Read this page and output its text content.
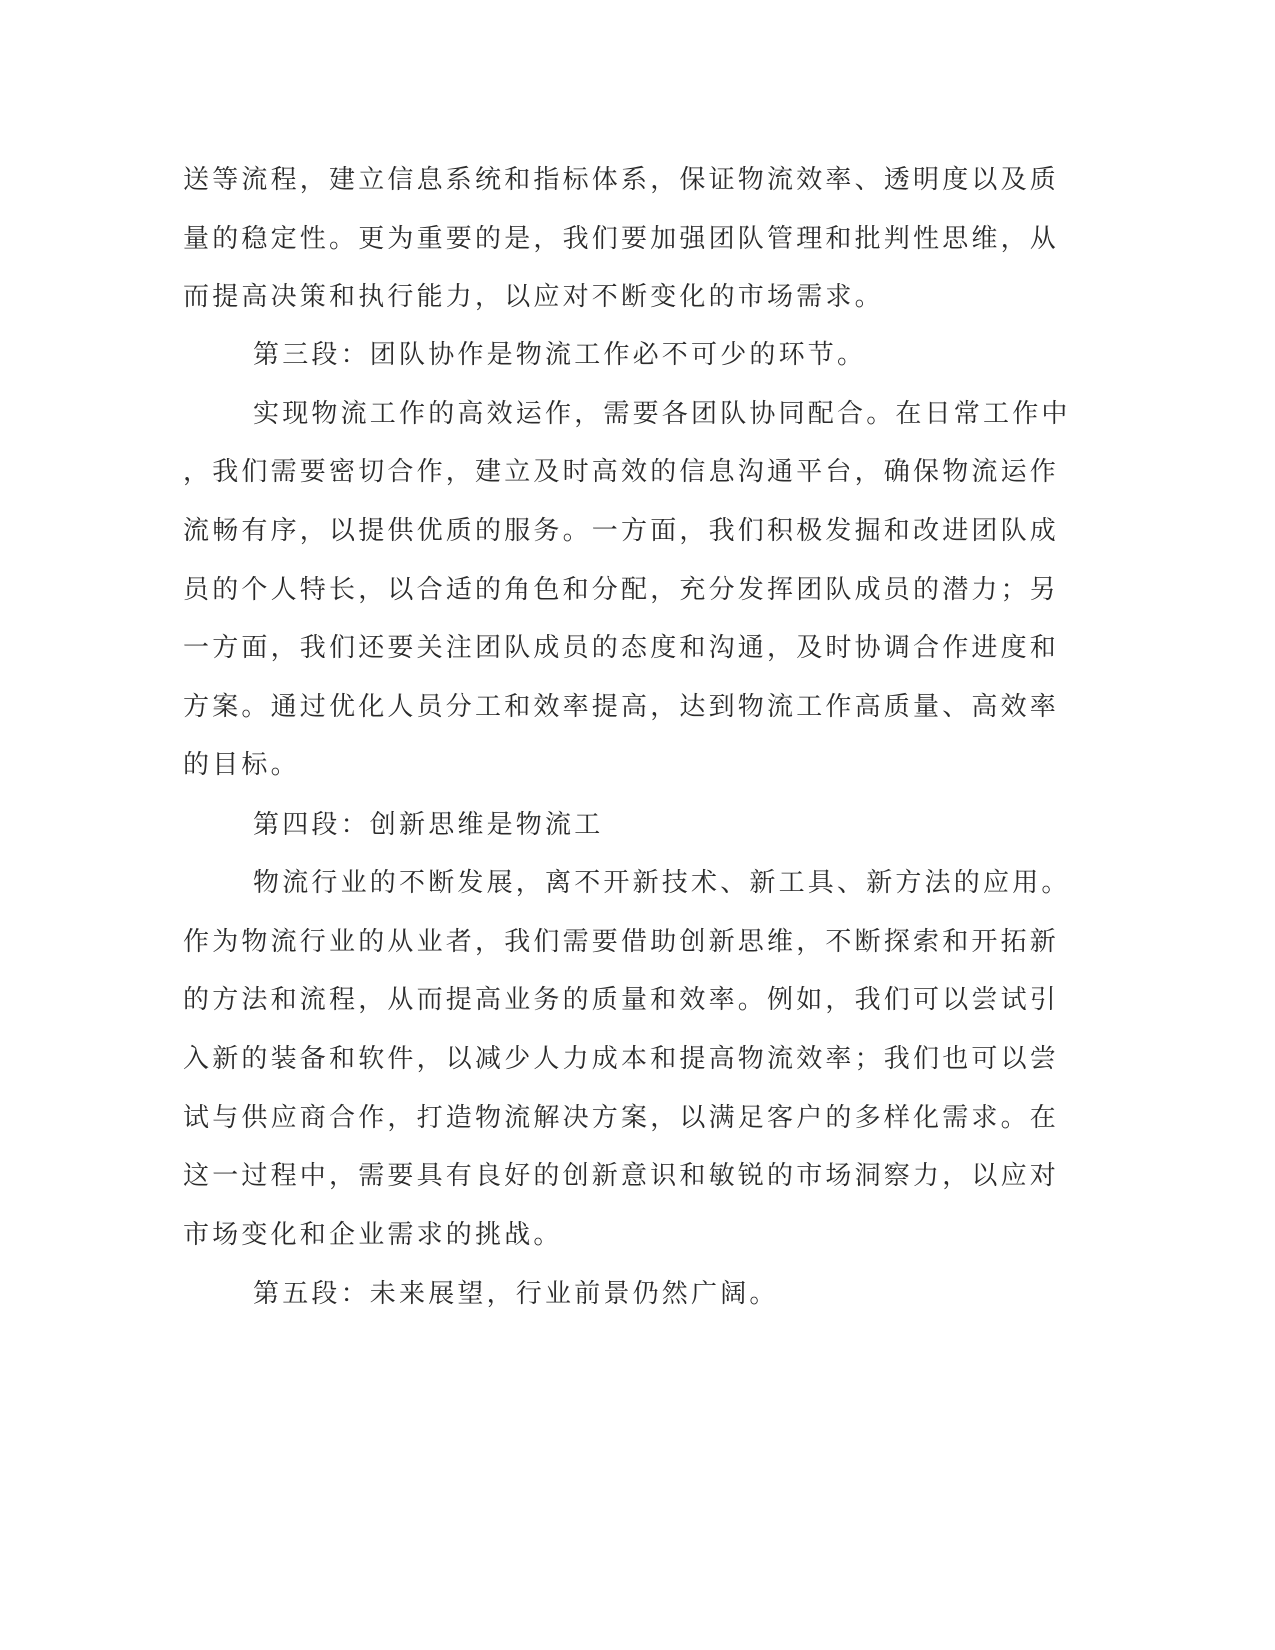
送等流程，建立信息系统和指标体系，保证物流效率、透明度以及质
量的稳定性。更为重要的是，我们要加强团队管理和批判性思维，从
而提高决策和执行能力，以应对不断变化的市场需求。
第三段：团队协作是物流工作必不可少的环节。
实现物流工作的高效运作，需要各团队协同配合。在日常工作中
，我们需要密切合作，建立及时高效的信息沟通平台，确保物流运作
流畅有序，以提供优质的服务。一方面，我们积极发掘和改进团队成
员的个人特长，以合适的角色和分配，充分发挥团队成员的潜力；另
一方面，我们还要关注团队成员的态度和沟通，及时协调合作进度和
方案。通过优化人员分工和效率提高，达到物流工作高质量、高效率
的目标。
第四段：创新思维是物流工
物流行业的不断发展，离不开新技术、新工具、新方法的应用。
作为物流行业的从业者，我们需要借助创新思维，不断探索和开拓新
的方法和流程，从而提高业务的质量和效率。例如，我们可以尝试引
入新的装备和软件，以减少人力成本和提高物流效率；我们也可以尝
试与供应商合作，打造物流解决方案，以满足客户的多样化需求。在
这一过程中，需要具有良好的创新意识和敏锐的市场洞察力，以应对
市场变化和企业需求的挑战。
第五段：未来展望，行业前景仍然广阔。
